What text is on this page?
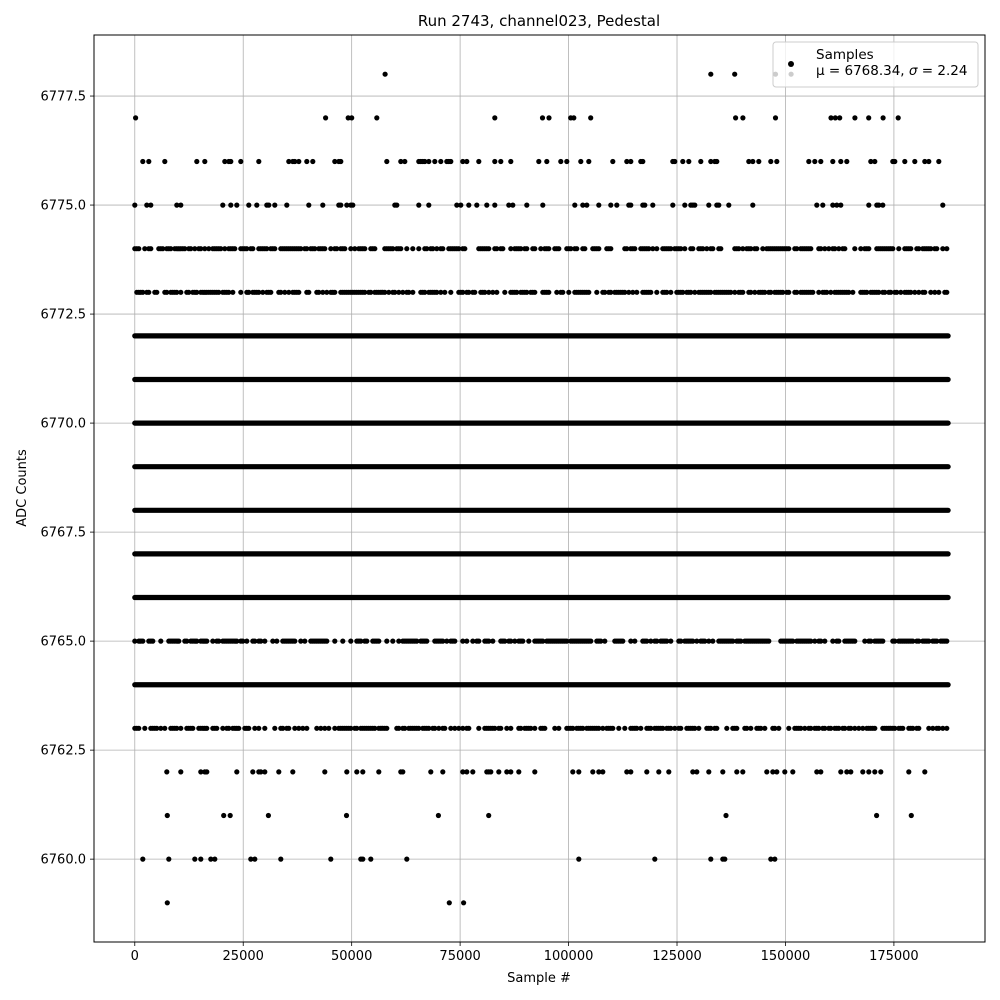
Run 2743, channel023, Pedestal
0	25000	50000	75000	100000	125000	150000	175000
6760.0
6762.5
6765.0
6767.5
6770.0
6772.5
6775.0
6777.5
Sample #
ADC Counts
Samples
μ = 6768.34, σ = 2.24
